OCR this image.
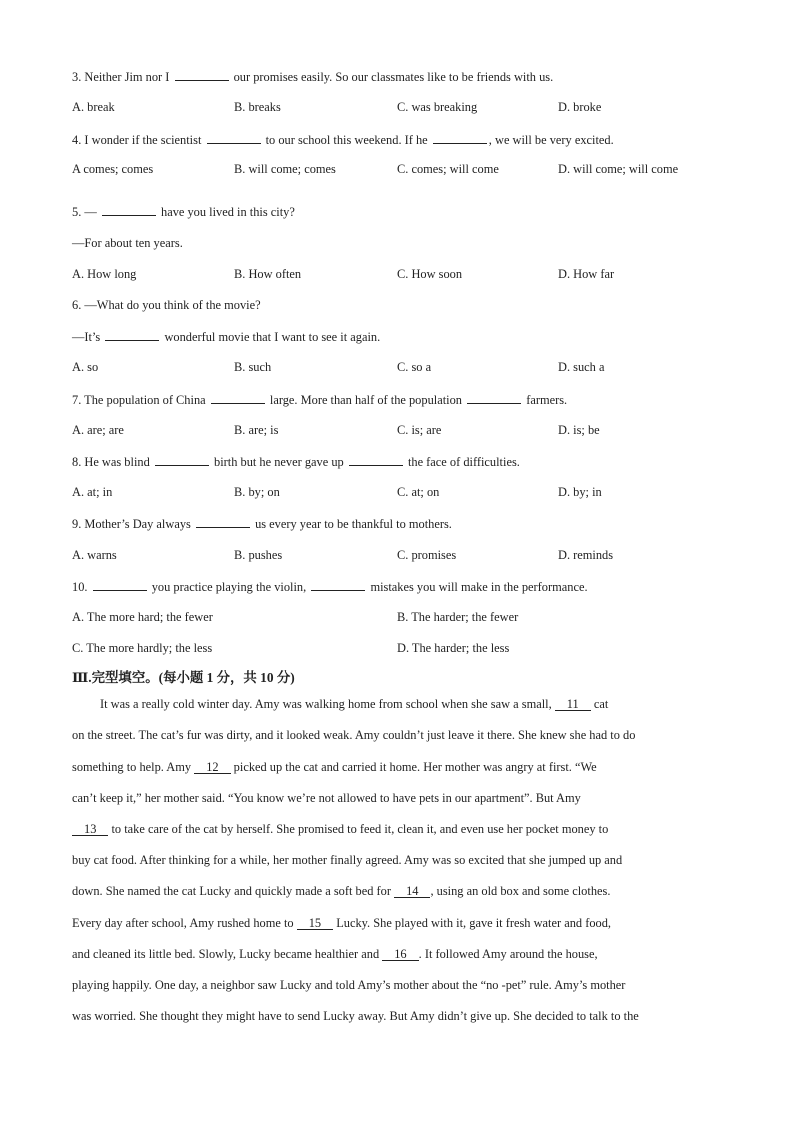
3. Neither Jim nor I	our promises easily. So our classmates like to be friends with us.
A. break	B. breaks	C. was breaking	D. broke
4. I wonder if the scientist	to our school this weekend. If he	, we will be very excited.
A comes; comes	B. will come; comes	C. comes; will come	D. will come; will come
5. —	have you lived in this city?
—For about ten years.
A. How long	B. How often	C. How soon	D. How far
6. —What do you think of the movie?
—It’s	wonderful movie that I want to see it again.
A. so	B. such	C. so a	D. such a
7. The population of China	large. More than half of the population	farmers.
A. are; are	B. are; is	C. is; are	D. is; be
8. He was blind	birth but he never gave up	the face of difficulties.
A. at; in	B. by; on	C. at; on	D. by; in
9. Mother’s Day always	us every year to be thankful to mothers.
A. warns	B. pushes	C. promises	D. reminds
10.	you practice playing the violin,	mistakes you will make in the performance.
A. The more hard; the fewer	B. The harder; the fewer
C. The more hardly; the less	D. The harder; the less
Ⅲ.完型填空。(每小题 1 分，共 10 分)
It was a really cold winter day. Amy was walking home from school when she saw a small, 11 cat
on the street. The cat’s fur was dirty, and it looked weak. Amy couldn’t just leave it there. She knew she had to do
something to help. Amy 12 picked up the cat and carried it home. Her mother was angry at first. “We
can’t keep it,” her mother said. “You know we’re not allowed to have pets in our apartment”. But Amy
13 to take care of the cat by herself. She promised to feed it, clean it, and even use her pocket money to
buy cat food. After thinking for a while, her mother finally agreed. Amy was so excited that she jumped up and
down. She named the cat Lucky and quickly made a soft bed for 14 , using an old box and some clothes.
Every day after school, Amy rushed home to 15 Lucky. She played with it, gave it fresh water and food,
and cleaned its little bed. Slowly, Lucky became healthier and 16 . It followed Amy around the house,
playing happily. One day, a neighbor saw Lucky and told Amy’s mother about the “no -pet” rule. Amy’s mother
was worried. She thought they might have to send Lucky away. But Amy didn’t give up. She decided to talk to the
